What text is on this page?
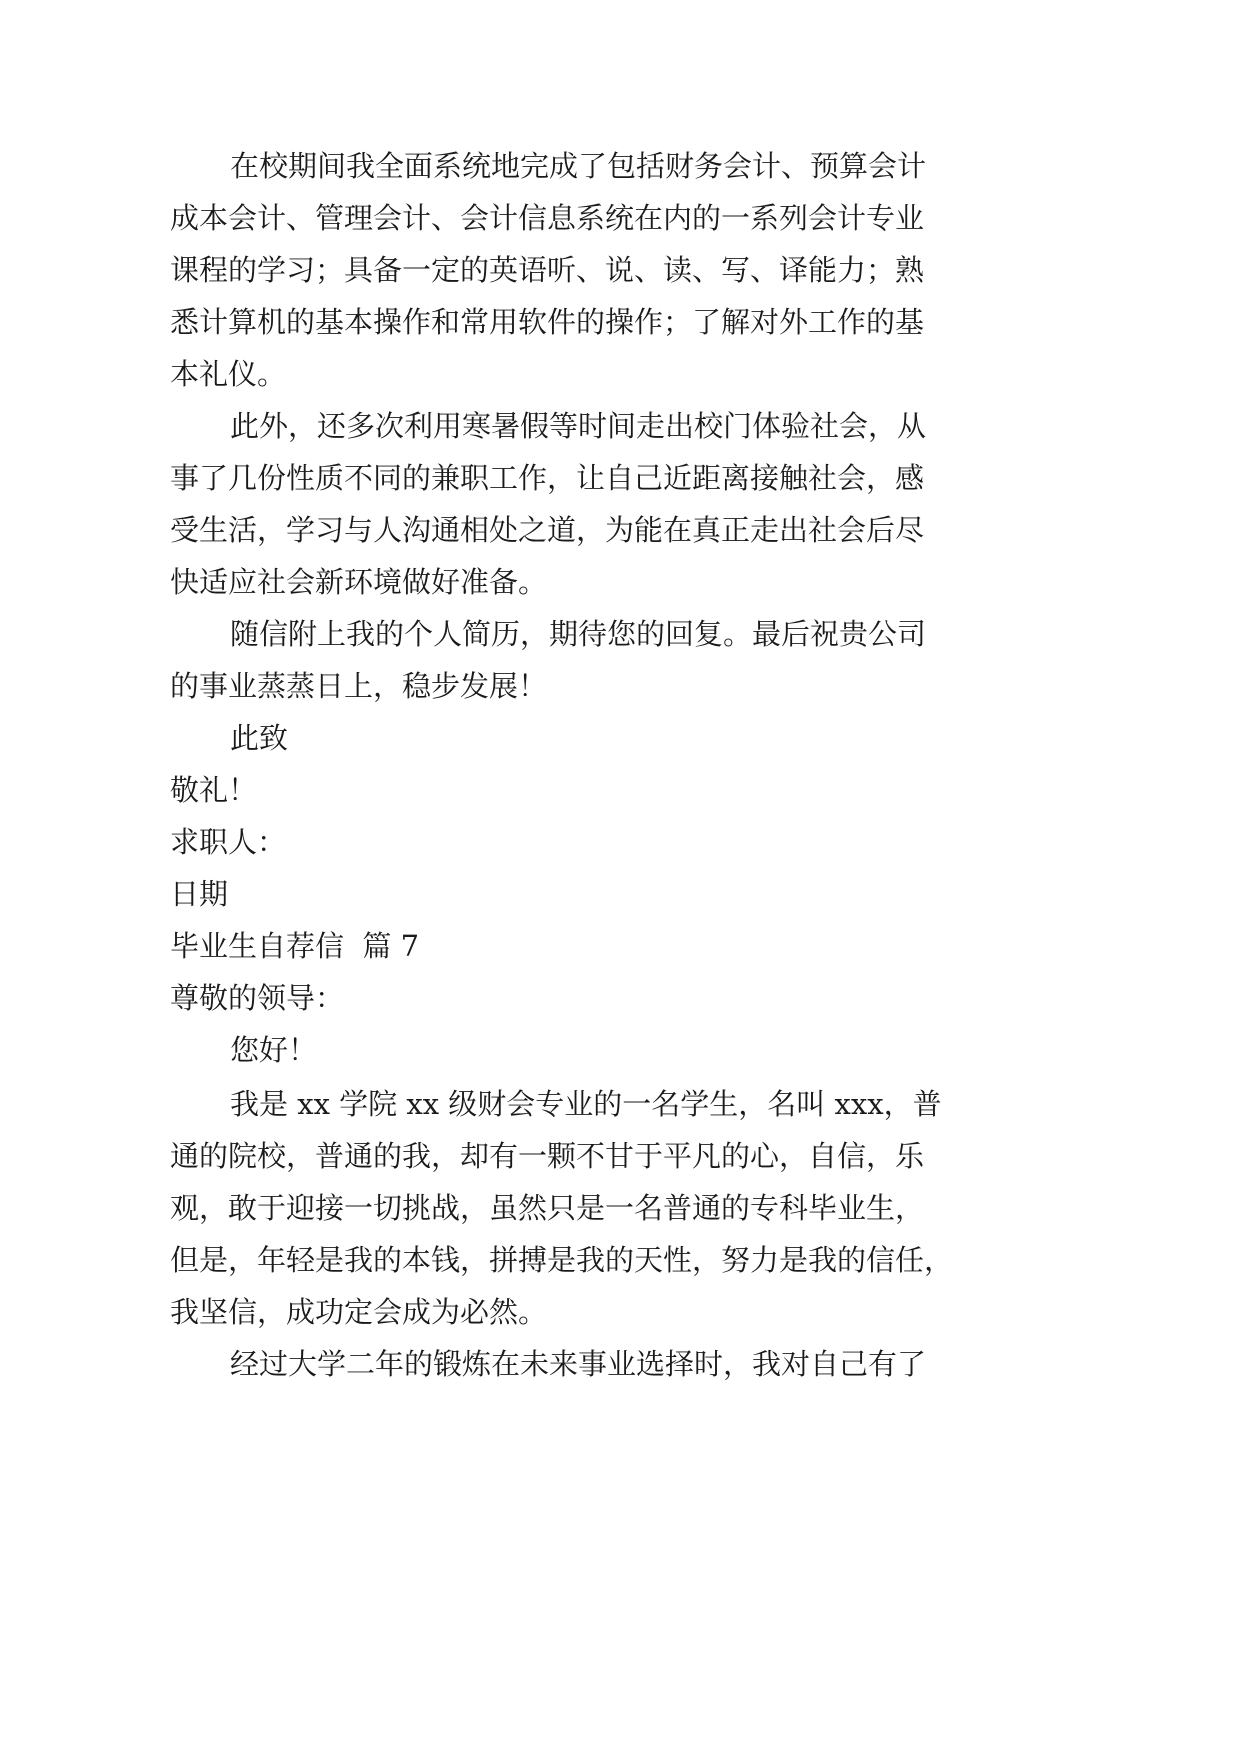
在校期间我全面系统地完成了包括财务会计、预算会计
成本会计、管理会计、会计信息系统在内的一系列会计专业
课程的学习；具备一定的英语听、说、读、写、译能力；熟
悉计算机的基本操作和常用软件的操作；了解对外工作的基
本礼仪。
此外，还多次利用寒暑假等时间走出校门体验社会，从
事了几份性质不同的兼职工作，让自己近距离接触社会，感
受生活，学习与人沟通相处之道，为能在真正走出社会后尽
快适应社会新环境做好准备。
随信附上我的个人简历，期待您的回复。最后祝贵公司
的事业蒸蒸日上，稳步发展！
此致
敬礼！
求职人：
日期
毕业生自荐信  篇 7
尊敬的领导：
您好！
我是 xx 学院 xx 级财会专业的一名学生，名叫 xxx，普
通的院校，普通的我，却有一颗不甘于平凡的心，自信，乐
观，敢于迎接一切挑战，虽然只是一名普通的专科毕业生，
但是，年轻是我的本钱，拼搏是我的天性，努力是我的信任，
我坚信，成功定会成为必然。
经过大学二年的锻炼在未来事业选择时，我对自己有了
